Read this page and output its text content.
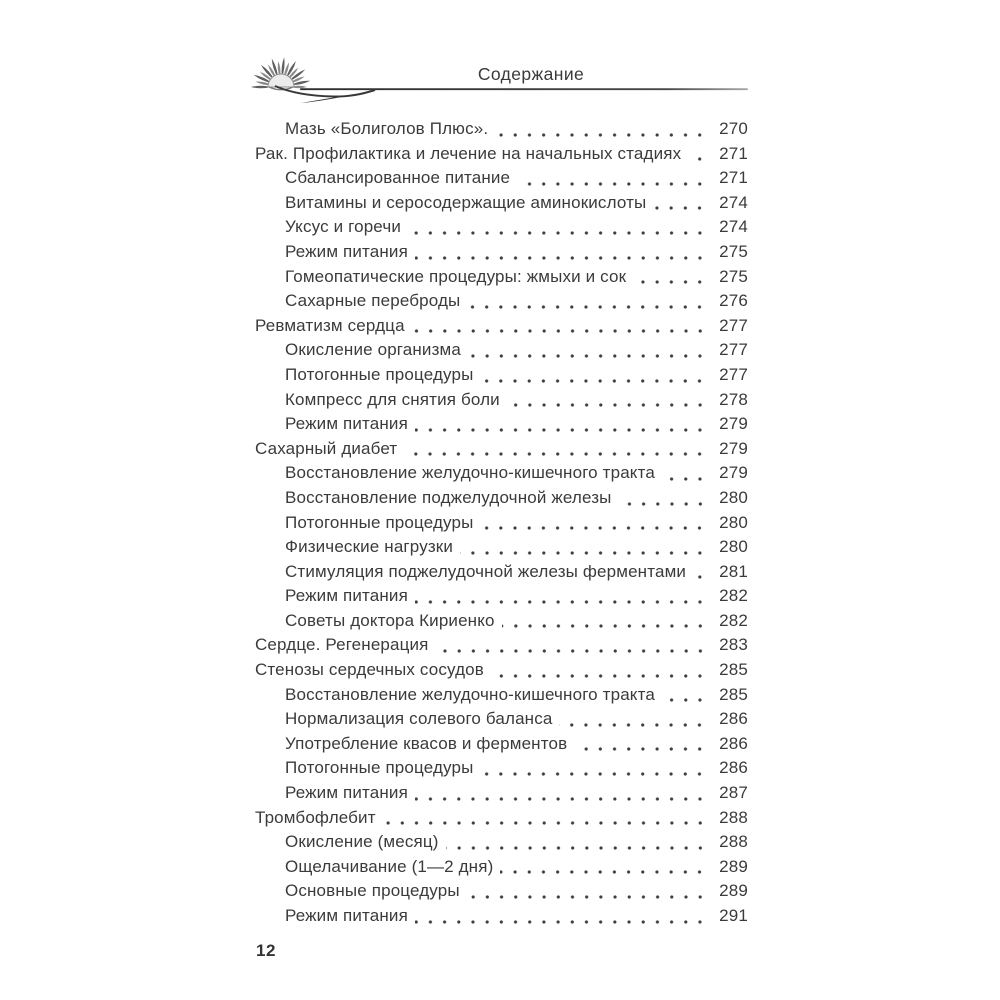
Содержание
Мазь «Болиголов Плюс».	270
Рак. Профилактика и лечение на начальных стадиях	271
Сбалансированное питание	271
Витамины и серосодержащие аминокислоты	274
Уксус и горечи	274
Режим питания	275
Гомеопатические процедуры: жмыхи и сок	275
Сахарные переброды	276
Ревматизм сердца	277
Окисление организма	277
Потогонные процедуры	277
Компресс для снятия боли	278
Режим питания	279
Сахарный диабет	279
Восстановление желудочно-кишечного тракта	279
Восстановление поджелудочной железы	280
Потогонные процедуры	280
Физические нагрузки	280
Стимуляция поджелудочной железы ферментами	281
Режим питания	282
Советы доктора Кириенко	282
Сердце. Регенерация	283
Стенозы сердечных сосудов	285
Восстановление желудочно-кишечного тракта	285
Нормализация солевого баланса	286
Употребление квасов и ферментов	286
Потогонные процедуры	286
Режим питания	287
Тромбофлебит	288
Окисление (месяц)	288
Ощелачивание (1—2 дня)	289
Основные процедуры	289
Режим питания	291
12
